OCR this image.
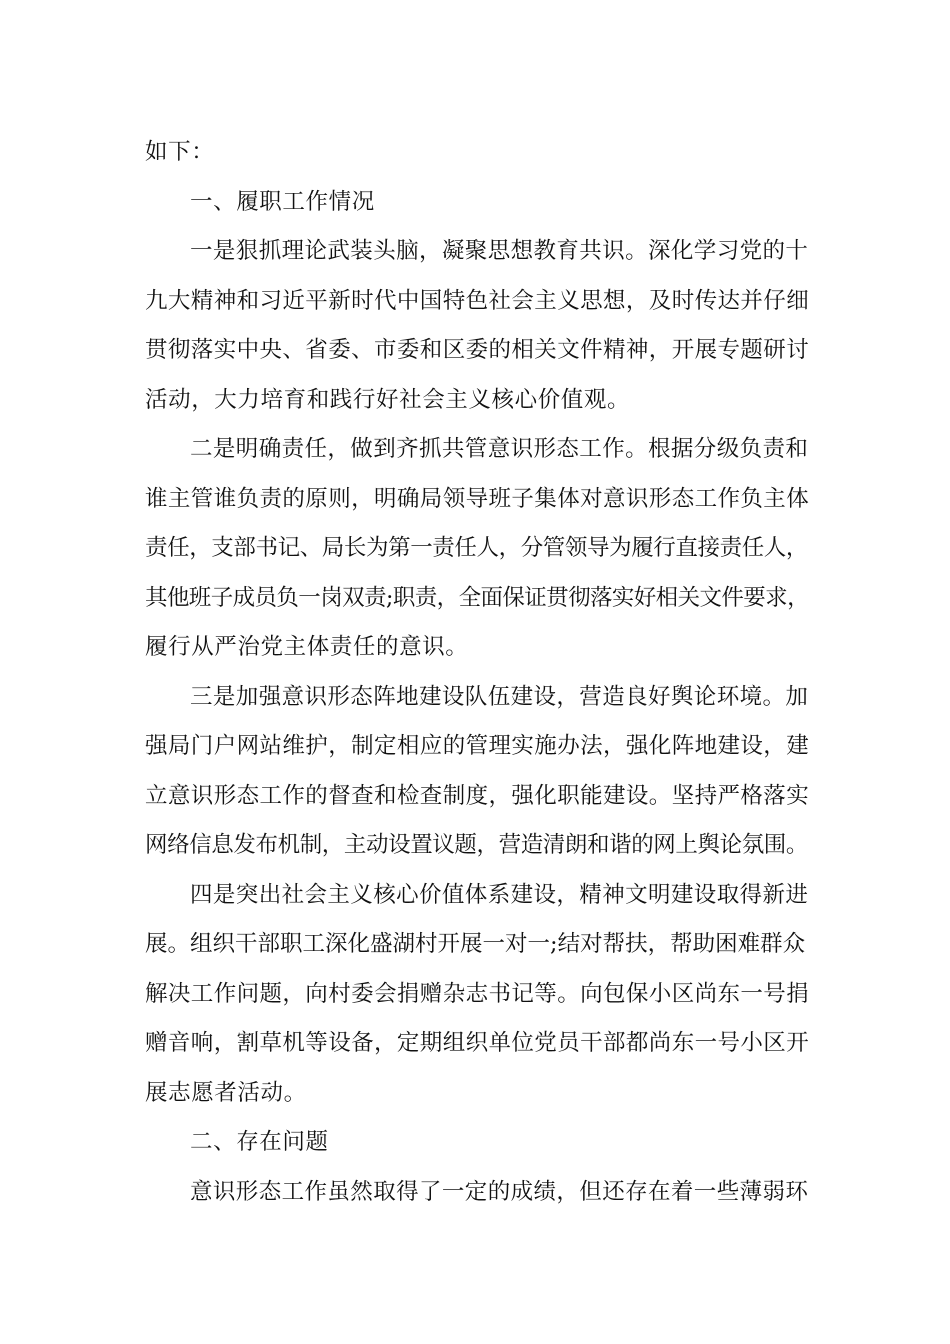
如下：
一、履职工作情况
一是狠抓理论武装头脑，凝聚思想教育共识。深化学习党的十
九大精神和习近平新时代中国特色社会主义思想，及时传达并仔细
贯彻落实中央、省委、市委和区委的相关文件精神，开展专题研讨
活动，大力培育和践行好社会主义核心价值观。
二是明确责任，做到齐抓共管意识形态工作。根据分级负责和
谁主管谁负责的原则，明确局领导班子集体对意识形态工作负主体
责任，支部书记、局长为第一责任人，分管领导为履行直接责任人，
其他班子成员负一岗双责;职责，全面保证贯彻落实好相关文件要求，
履行从严治党主体责任的意识。
三是加强意识形态阵地建设队伍建设，营造良好舆论环境。加
强局门户网站维护，制定相应的管理实施办法，强化阵地建设，建
立意识形态工作的督查和检查制度，强化职能建设。坚持严格落实
网络信息发布机制，主动设置议题，营造清朗和谐的网上舆论氛围。
四是突出社会主义核心价值体系建设，精神文明建设取得新进
展。组织干部职工深化盛湖村开展一对一;结对帮扶，帮助困难群众
解决工作问题，向村委会捐赠杂志书记等。向包保小区尚东一号捐
赠音响，割草机等设备，定期组织单位党员干部都尚东一号小区开
展志愿者活动。
二、存在问题
意识形态工作虽然取得了一定的成绩，但还存在着一些薄弱环
